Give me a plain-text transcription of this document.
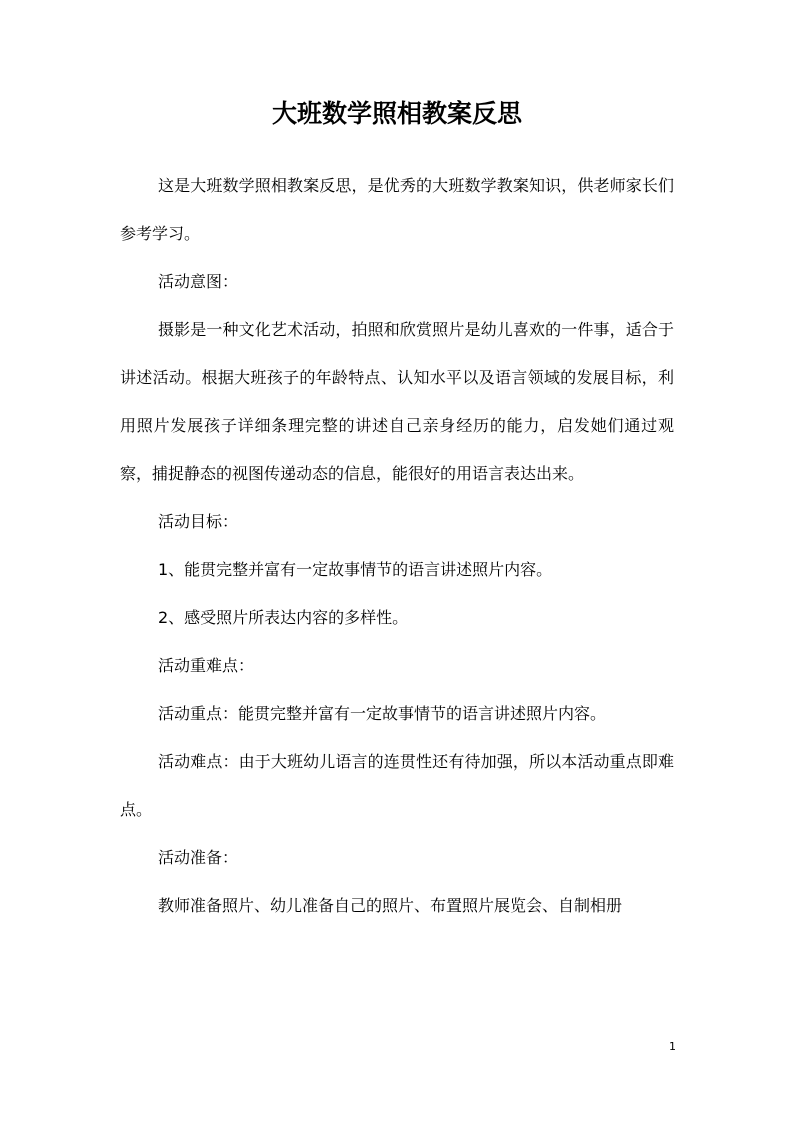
大班数学照相教案反思

这是大班数学照相教案反思，是优秀的大班数学教案知识，供老师家长们参考学习。

活动意图：

摄影是一种文化艺术活动，拍照和欣赏照片是幼儿喜欢的一件事，适合于讲述活动。根据大班孩子的年龄特点、认知水平以及语言领域的发展目标，利用照片发展孩子详细条理完整的讲述自己亲身经历的能力，启发她们通过观察，捕捉静态的视图传递动态的信息，能很好的用语言表达出来。

活动目标：

1、能贯完整并富有一定故事情节的语言讲述照片内容。

2、感受照片所表达内容的多样性。

活动重难点：

活动重点：能贯完整并富有一定故事情节的语言讲述照片内容。

活动难点：由于大班幼儿语言的连贯性还有待加强，所以本活动重点即难点。

活动准备：

教师准备照片、幼儿准备自己的照片、布置照片展览会、自制相册

1
